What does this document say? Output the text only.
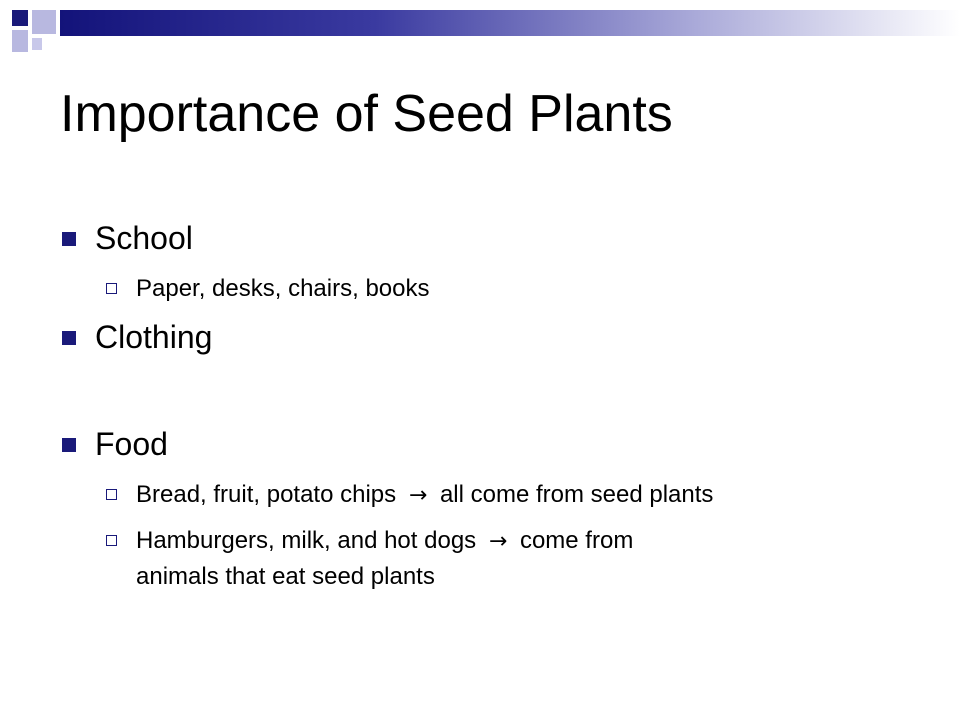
Importance of Seed Plants
School
Paper, desks, chairs, books
Clothing
Food
Bread, fruit, potato chips → all come from seed plants
Hamburgers, milk, and hot dogs → come from
animals that eat seed plants
